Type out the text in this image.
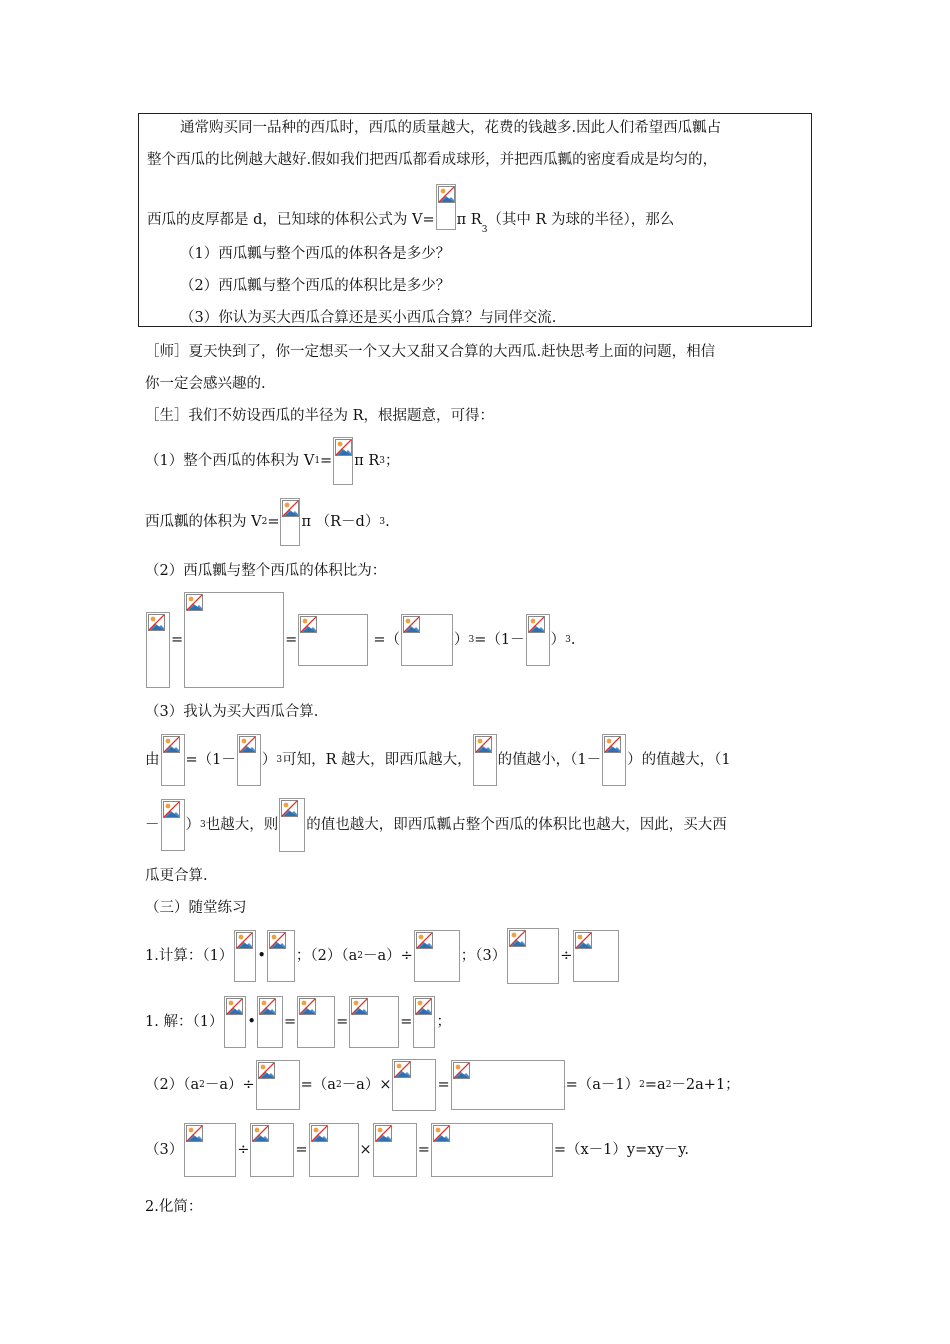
通常购买同一品种的西瓜时，西瓜的质量越大，花费的钱越多.因此人们希望西瓜瓤占
整个西瓜的比例越大越好.假如我们把西瓜都看成球形，并把西瓜瓤的密度看成是均匀的，
西瓜的皮厚都是 d，已知球的体积公式为 V= π R
3
（其中 R 为球的半径），那么
（1）西瓜瓤与整个西瓜的体积各是多少？
（2）西瓜瓤与整个西瓜的体积比是多少？
（3）你认为买大西瓜合算还是买小西瓜合算？与同伴交流.
［师］夏天快到了，你一定想买一个又大又甜又合算的大西瓜.赶快思考上面的问题，相信
你一定会感兴趣的.
［生］我们不妨设西瓜的半径为 R，根据题意，可得：
（1）整个西瓜的体积为 V 1 = π R 3 ；
西瓜瓤的体积为 V 2 = π （R－d） 3 .
（2）西瓜瓤与整个西瓜的体积比为：
=	=	=（	） 3 =（1－ ） 3 .
（3）我认为买大西瓜合算.
由 =（1－ ） 3 可知，R 越大，即西瓜越大， 的值越小，（1－ ）的值越大，（1
－ ） 3 也越大，则 的值也越大，即西瓜瓤占整个西瓜的体积比也越大，因此，买大西
瓜更合算.
（三）随堂练习
1.计算：（1） • ；（2）（a 2 －a）÷	；（3）	÷
1. 解：（1） • =	=	= ；
（2）（a 2 －a）÷	=（a 2 －a）×	=	=（a－1） 2 =a 2 －2a+1；
（3）	÷	=	×	=	=（x－1）y=xy－y.
2.化简：
